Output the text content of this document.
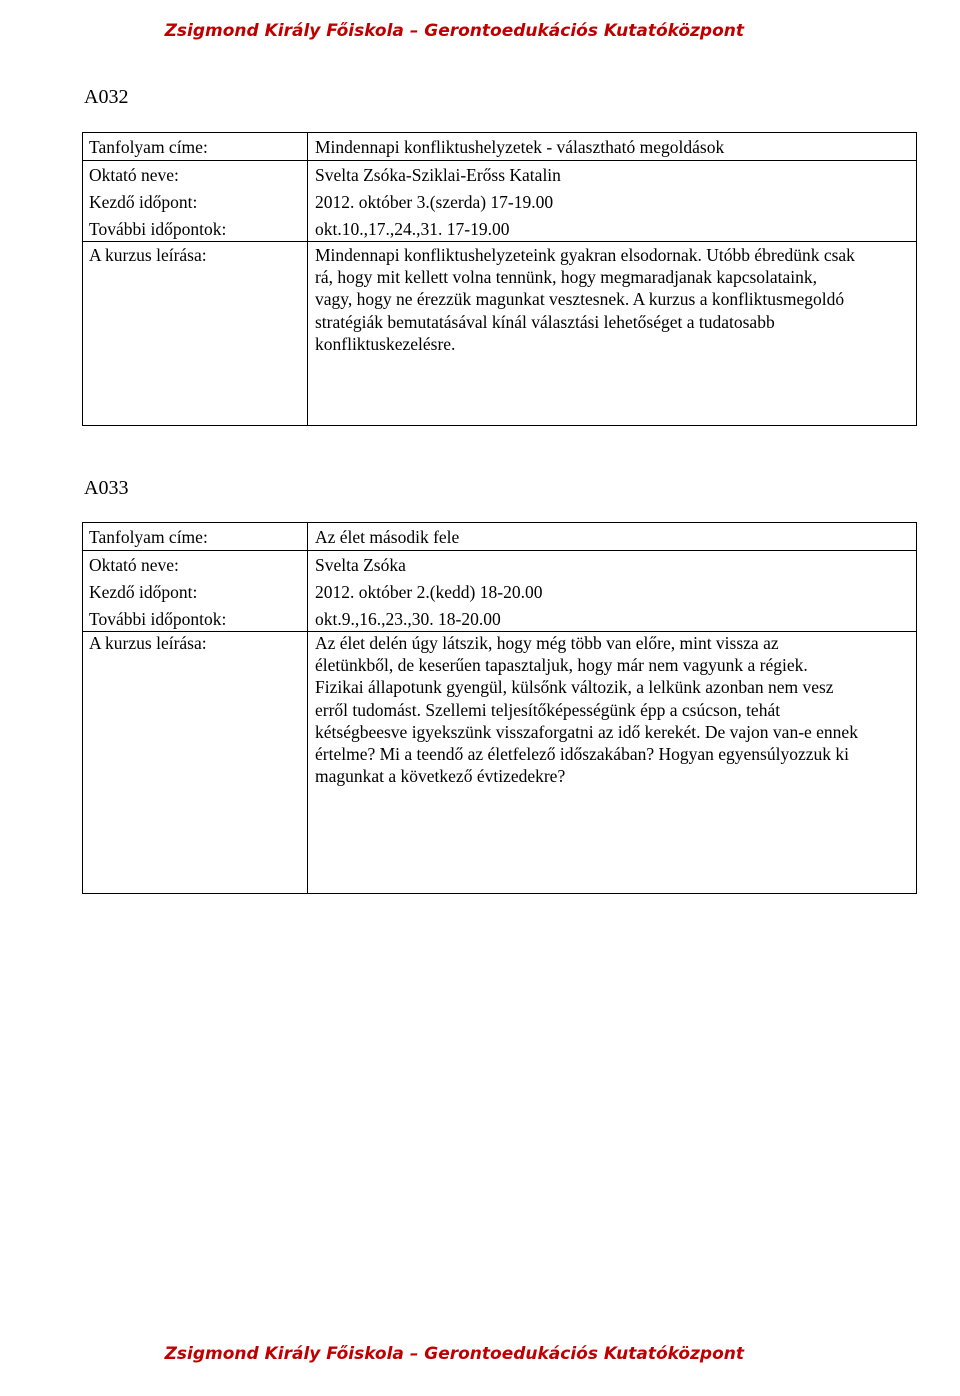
Zsigmond Király Főiskola – Gerontoedukációs Kutatóközpont
A032
Tanfolyam címe:	Mindennapi konfliktushelyzetek - választható megoldások
Oktató neve:	Svelta Zsóka-Sziklai-Erőss Katalin
Kezdő időpont:	2012. október 3.(szerda) 17-19.00
További időpontok:	okt.10.,17.,24.,31. 17-19.00
A kurzus leírása:	Mindennapi konfliktushelyzeteink gyakran elsodornak. Utóbb ébredünk csak
rá, hogy mit kellett volna tennünk, hogy megmaradjanak kapcsolataink,
vagy, hogy ne érezzük magunkat vesztesnek. A kurzus a konfliktusmegoldó
stratégiák bemutatásával kínál választási lehetőséget a tudatosabb
konfliktuskezelésre.
A033
Tanfolyam címe:	Az élet második fele
Oktató neve:	Svelta Zsóka
Kezdő időpont:	2012. október 2.(kedd) 18-20.00
További időpontok:	okt.9.,16.,23.,30. 18-20.00
A kurzus leírása:	Az élet delén úgy látszik, hogy még több van előre, mint vissza az
életünkből, de keserűen tapasztaljuk, hogy már nem vagyunk a régiek.
Fizikai állapotunk gyengül, külsőnk változik, a lelkünk azonban nem vesz
erről tudomást. Szellemi teljesítőképességünk épp a csúcson, tehát
kétségbeesve igyekszünk visszaforgatni az idő kerekét. De vajon van-e ennek
értelme? Mi a teendő az életfelező időszakában? Hogyan egyensúlyozzuk ki
magunkat a következő évtizedekre?
Zsigmond Király Főiskola – Gerontoedukációs Kutatóközpont
